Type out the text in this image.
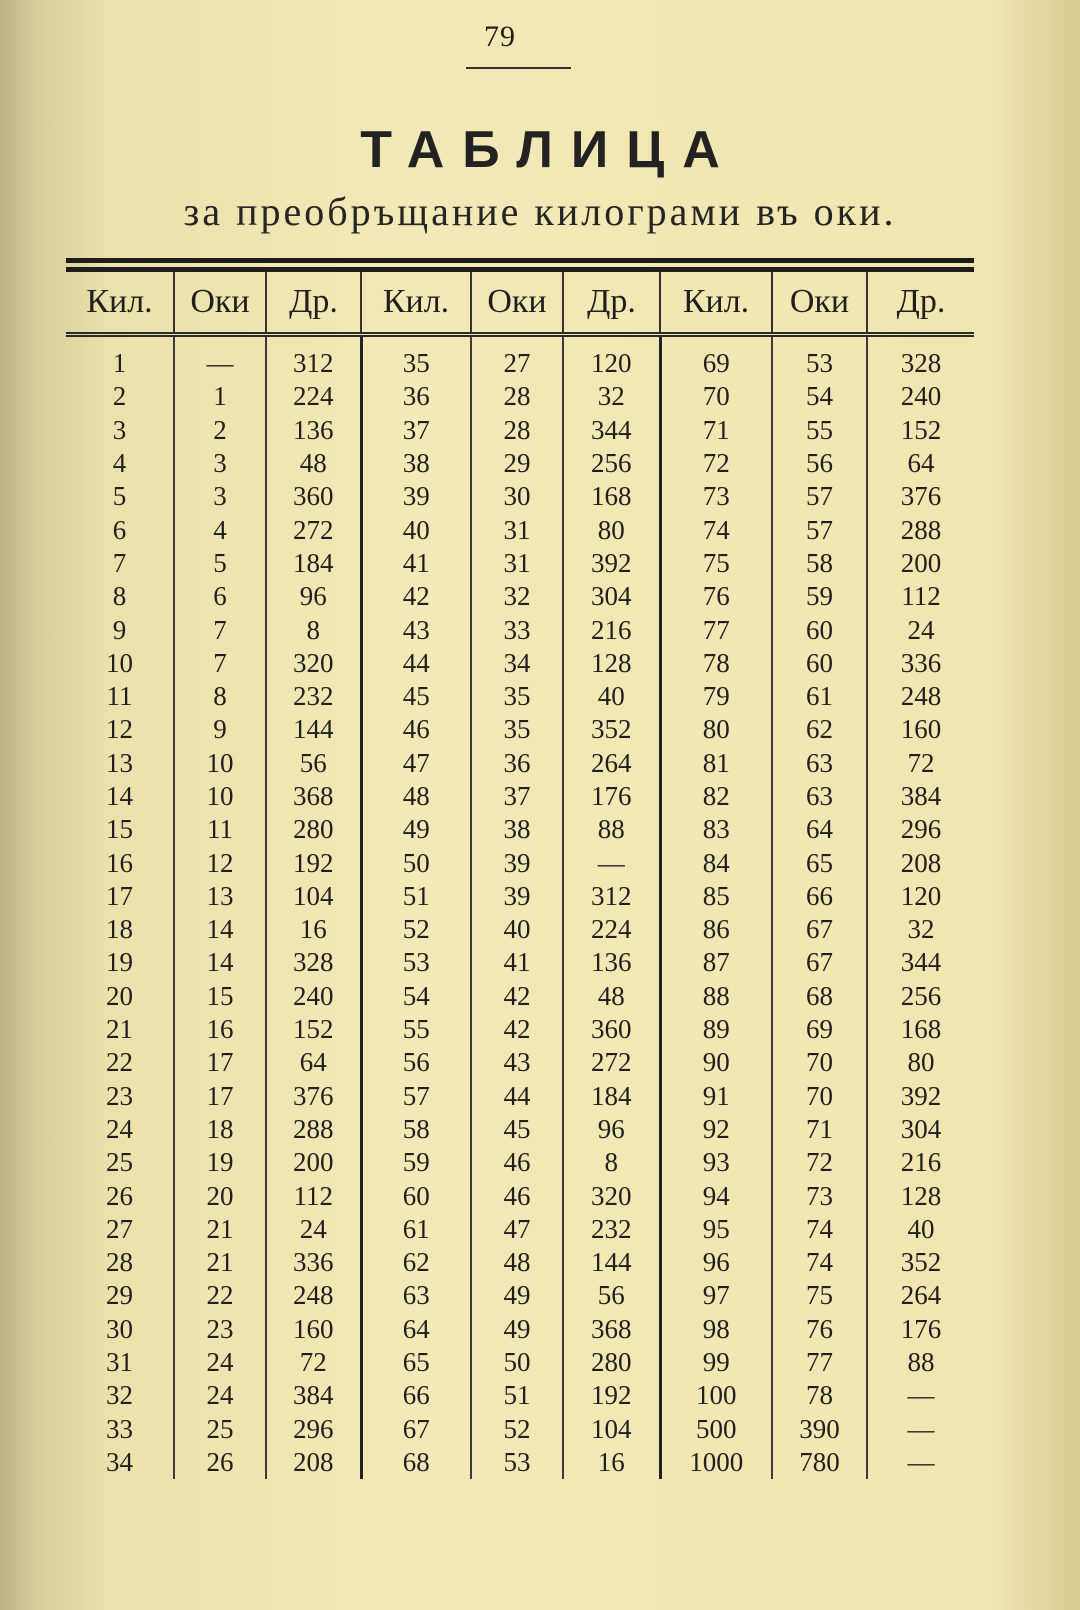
79
ТАБЛИЦА
за преобръщание килограми въ оки.
Кил.	Оки	Др.	Кил.	Оки	Др.	Кил.	Оки	Др.
1	—	312	35	27	120	69	53	328
2	1	224	36	28	32	70	54	240
3	2	136	37	28	344	71	55	152
4	3	48	38	29	256	72	56	64
5	3	360	39	30	168	73	57	376
6	4	272	40	31	80	74	57	288
7	5	184	41	31	392	75	58	200
8	6	96	42	32	304	76	59	112
9	7	8	43	33	216	77	60	24
10	7	320	44	34	128	78	60	336
11	8	232	45	35	40	79	61	248
12	9	144	46	35	352	80	62	160
13	10	56	47	36	264	81	63	72
14	10	368	48	37	176	82	63	384
15	11	280	49	38	88	83	64	296
16	12	192	50	39	—	84	65	208
17	13	104	51	39	312	85	66	120
18	14	16	52	40	224	86	67	32
19	14	328	53	41	136	87	67	344
20	15	240	54	42	48	88	68	256
21	16	152	55	42	360	89	69	168
22	17	64	56	43	272	90	70	80
23	17	376	57	44	184	91	70	392
24	18	288	58	45	96	92	71	304
25	19	200	59	46	8	93	72	216
26	20	112	60	46	320	94	73	128
27	21	24	61	47	232	95	74	40
28	21	336	62	48	144	96	74	352
29	22	248	63	49	56	97	75	264
30	23	160	64	49	368	98	76	176
31	24	72	65	50	280	99	77	88
32	24	384	66	51	192	100	78	—
33	25	296	67	52	104	500	390	—
34	26	208	68	53	16	1000	780	—
